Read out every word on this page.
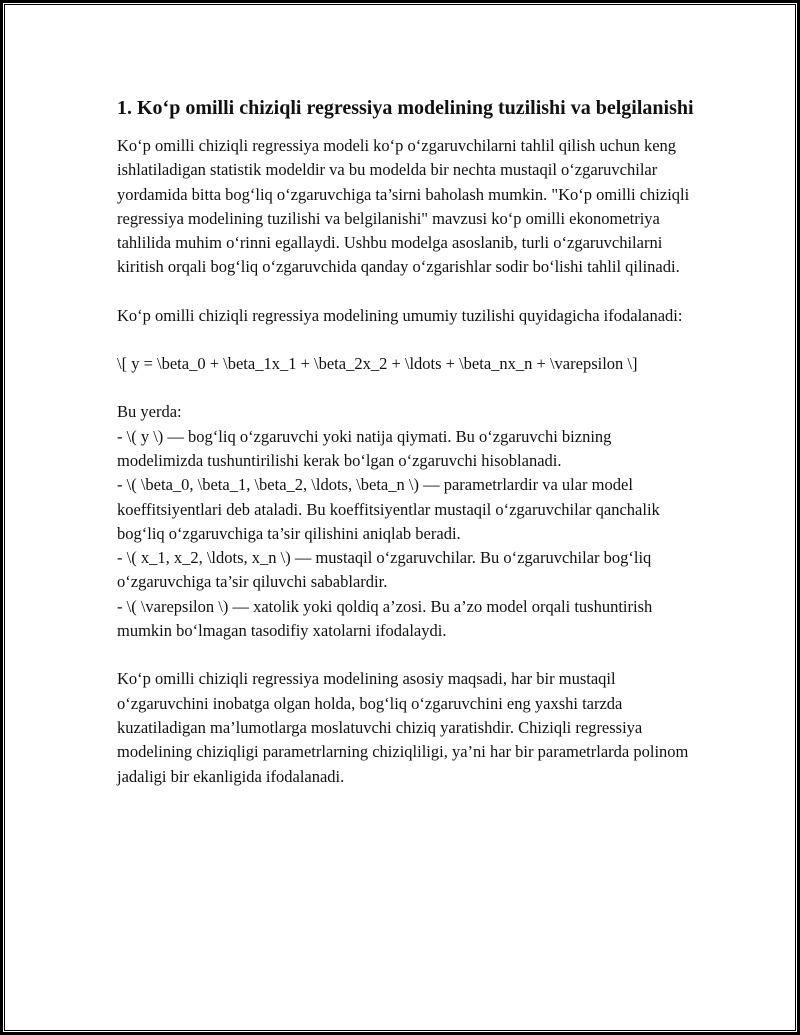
1. Ko‘p omilli chiziqli regressiya modelining tuzilishi va belgilanishi

Ko‘p omilli chiziqli regressiya modeli ko‘p o‘zgaruvchilarni tahlil qilish uchun keng ishlatiladigan statistik modeldir va bu modelda bir nechta mustaqil o‘zgaruvchilar yordamida bitta bog‘liq o‘zgaruvchiga ta’sirni baholash mumkin. "Ko‘p omilli chiziqli regressiya modelining tuzilishi va belgilanishi" mavzusi ko‘p omilli ekonometriya tahlilida muhim o‘rinni egallaydi. Ushbu modelga asoslanib, turli o‘zgaruvchilarni kiritish orqali bog‘liq o‘zgaruvchida qanday o‘zgarishlar sodir bo‘lishi tahlil qilinadi.

Ko‘p omilli chiziqli regressiya modelining umumiy tuzilishi quyidagicha ifodalanadi:

\[ y = \beta_0 + \beta_1x_1 + \beta_2x_2 + \ldots + \beta_nx_n + \varepsilon \]

Bu yerda:
- \( y \) — bog‘liq o‘zgaruvchi yoki natija qiymati. Bu o‘zgaruvchi bizning modelimizda tushuntirilishi kerak bo‘lgan o‘zgaruvchi hisoblanadi.
- \( \beta_0, \beta_1, \beta_2, \ldots, \beta_n \) — parametrlardir va ular model koeffitsiyentlari deb ataladi. Bu koeffitsiyentlar mustaqil o‘zgaruvchilar qanchalik bog‘liq o‘zgaruvchiga ta’sir qilishini aniqlab beradi.
- \( x_1, x_2, \ldots, x_n \) — mustaqil o‘zgaruvchilar. Bu o‘zgaruvchilar bog‘liq o‘zgaruvchiga ta’sir qiluvchi sabablardir.
- \( \varepsilon \) — xatolik yoki qoldiq a’zosi. Bu a’zo model orqali tushuntirish mumkin bo‘lmagan tasodifiy xatolarni ifodalaydi.

Ko‘p omilli chiziqli regressiya modelining asosiy maqsadi, har bir mustaqil o‘zgaruvchini inobatga olgan holda, bog‘liq o‘zgaruvchini eng yaxshi tarzda kuzatiladigan ma’lumotlarga moslatuvchi chiziq yaratishdir. Chiziqli regressiya modelining chiziqligi parametrlarning chiziqliligi, ya’ni har bir parametrlarda polinom jadaligi bir ekanligida ifodalanadi.
